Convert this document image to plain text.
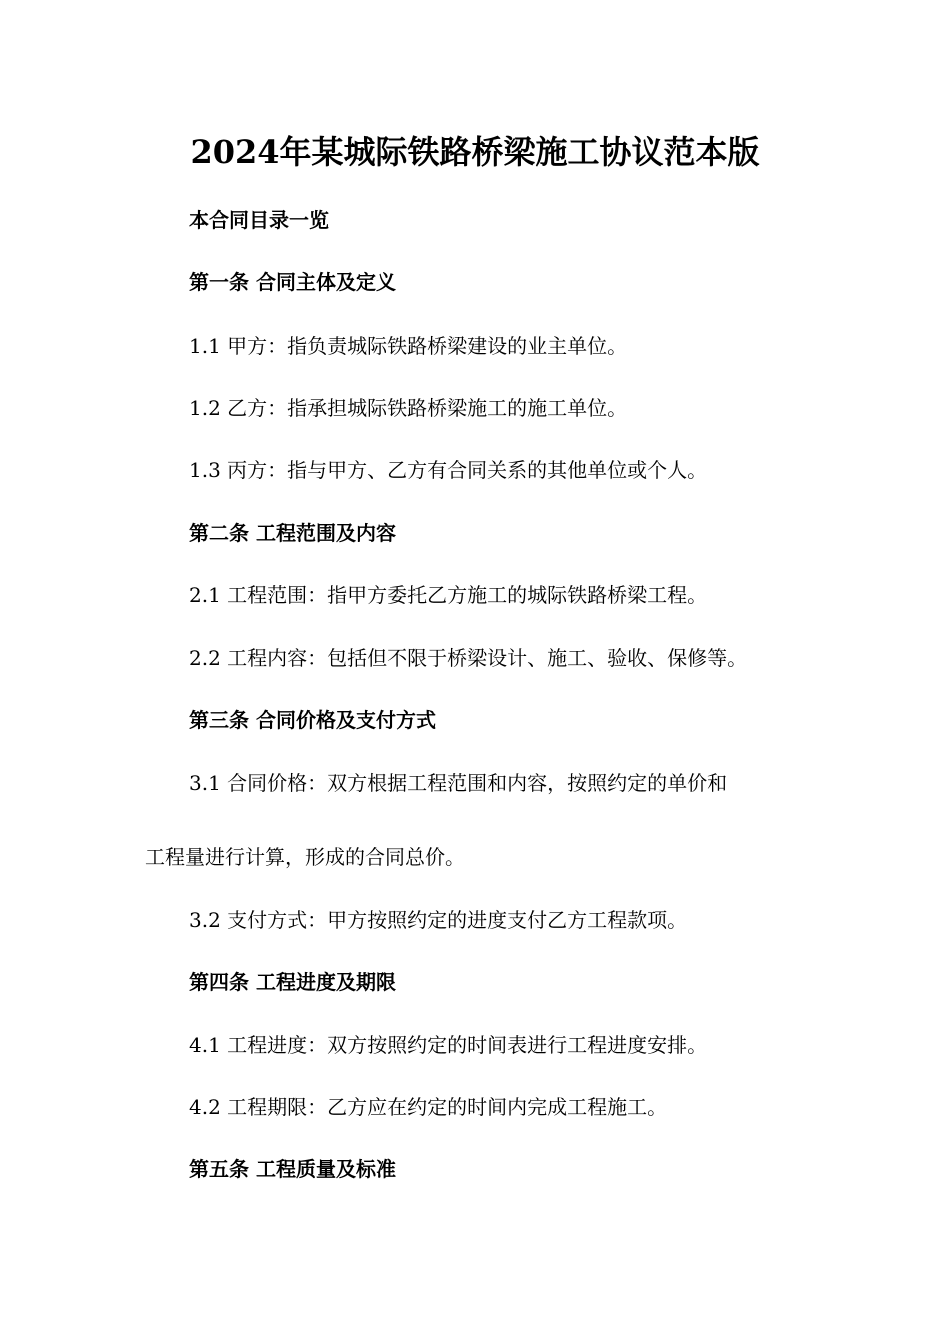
2024年某城际铁路桥梁施工协议范本版
本合同目录一览
第一条 合同主体及定义
1.1 甲方：指负责城际铁路桥梁建设的业主单位。
1.2 乙方：指承担城际铁路桥梁施工的施工单位。
1.3 丙方：指与甲方、乙方有合同关系的其他单位或个人。
第二条 工程范围及内容
2.1 工程范围：指甲方委托乙方施工的城际铁路桥梁工程。
2.2 工程内容：包括但不限于桥梁设计、施工、验收、保修等。
第三条 合同价格及支付方式
3.1 合同价格：双方根据工程范围和内容，按照约定的单价和
工程量进行计算，形成的合同总价。
3.2 支付方式：甲方按照约定的进度支付乙方工程款项。
第四条 工程进度及期限
4.1 工程进度：双方按照约定的时间表进行工程进度安排。
4.2 工程期限：乙方应在约定的时间内完成工程施工。
第五条 工程质量及标准
